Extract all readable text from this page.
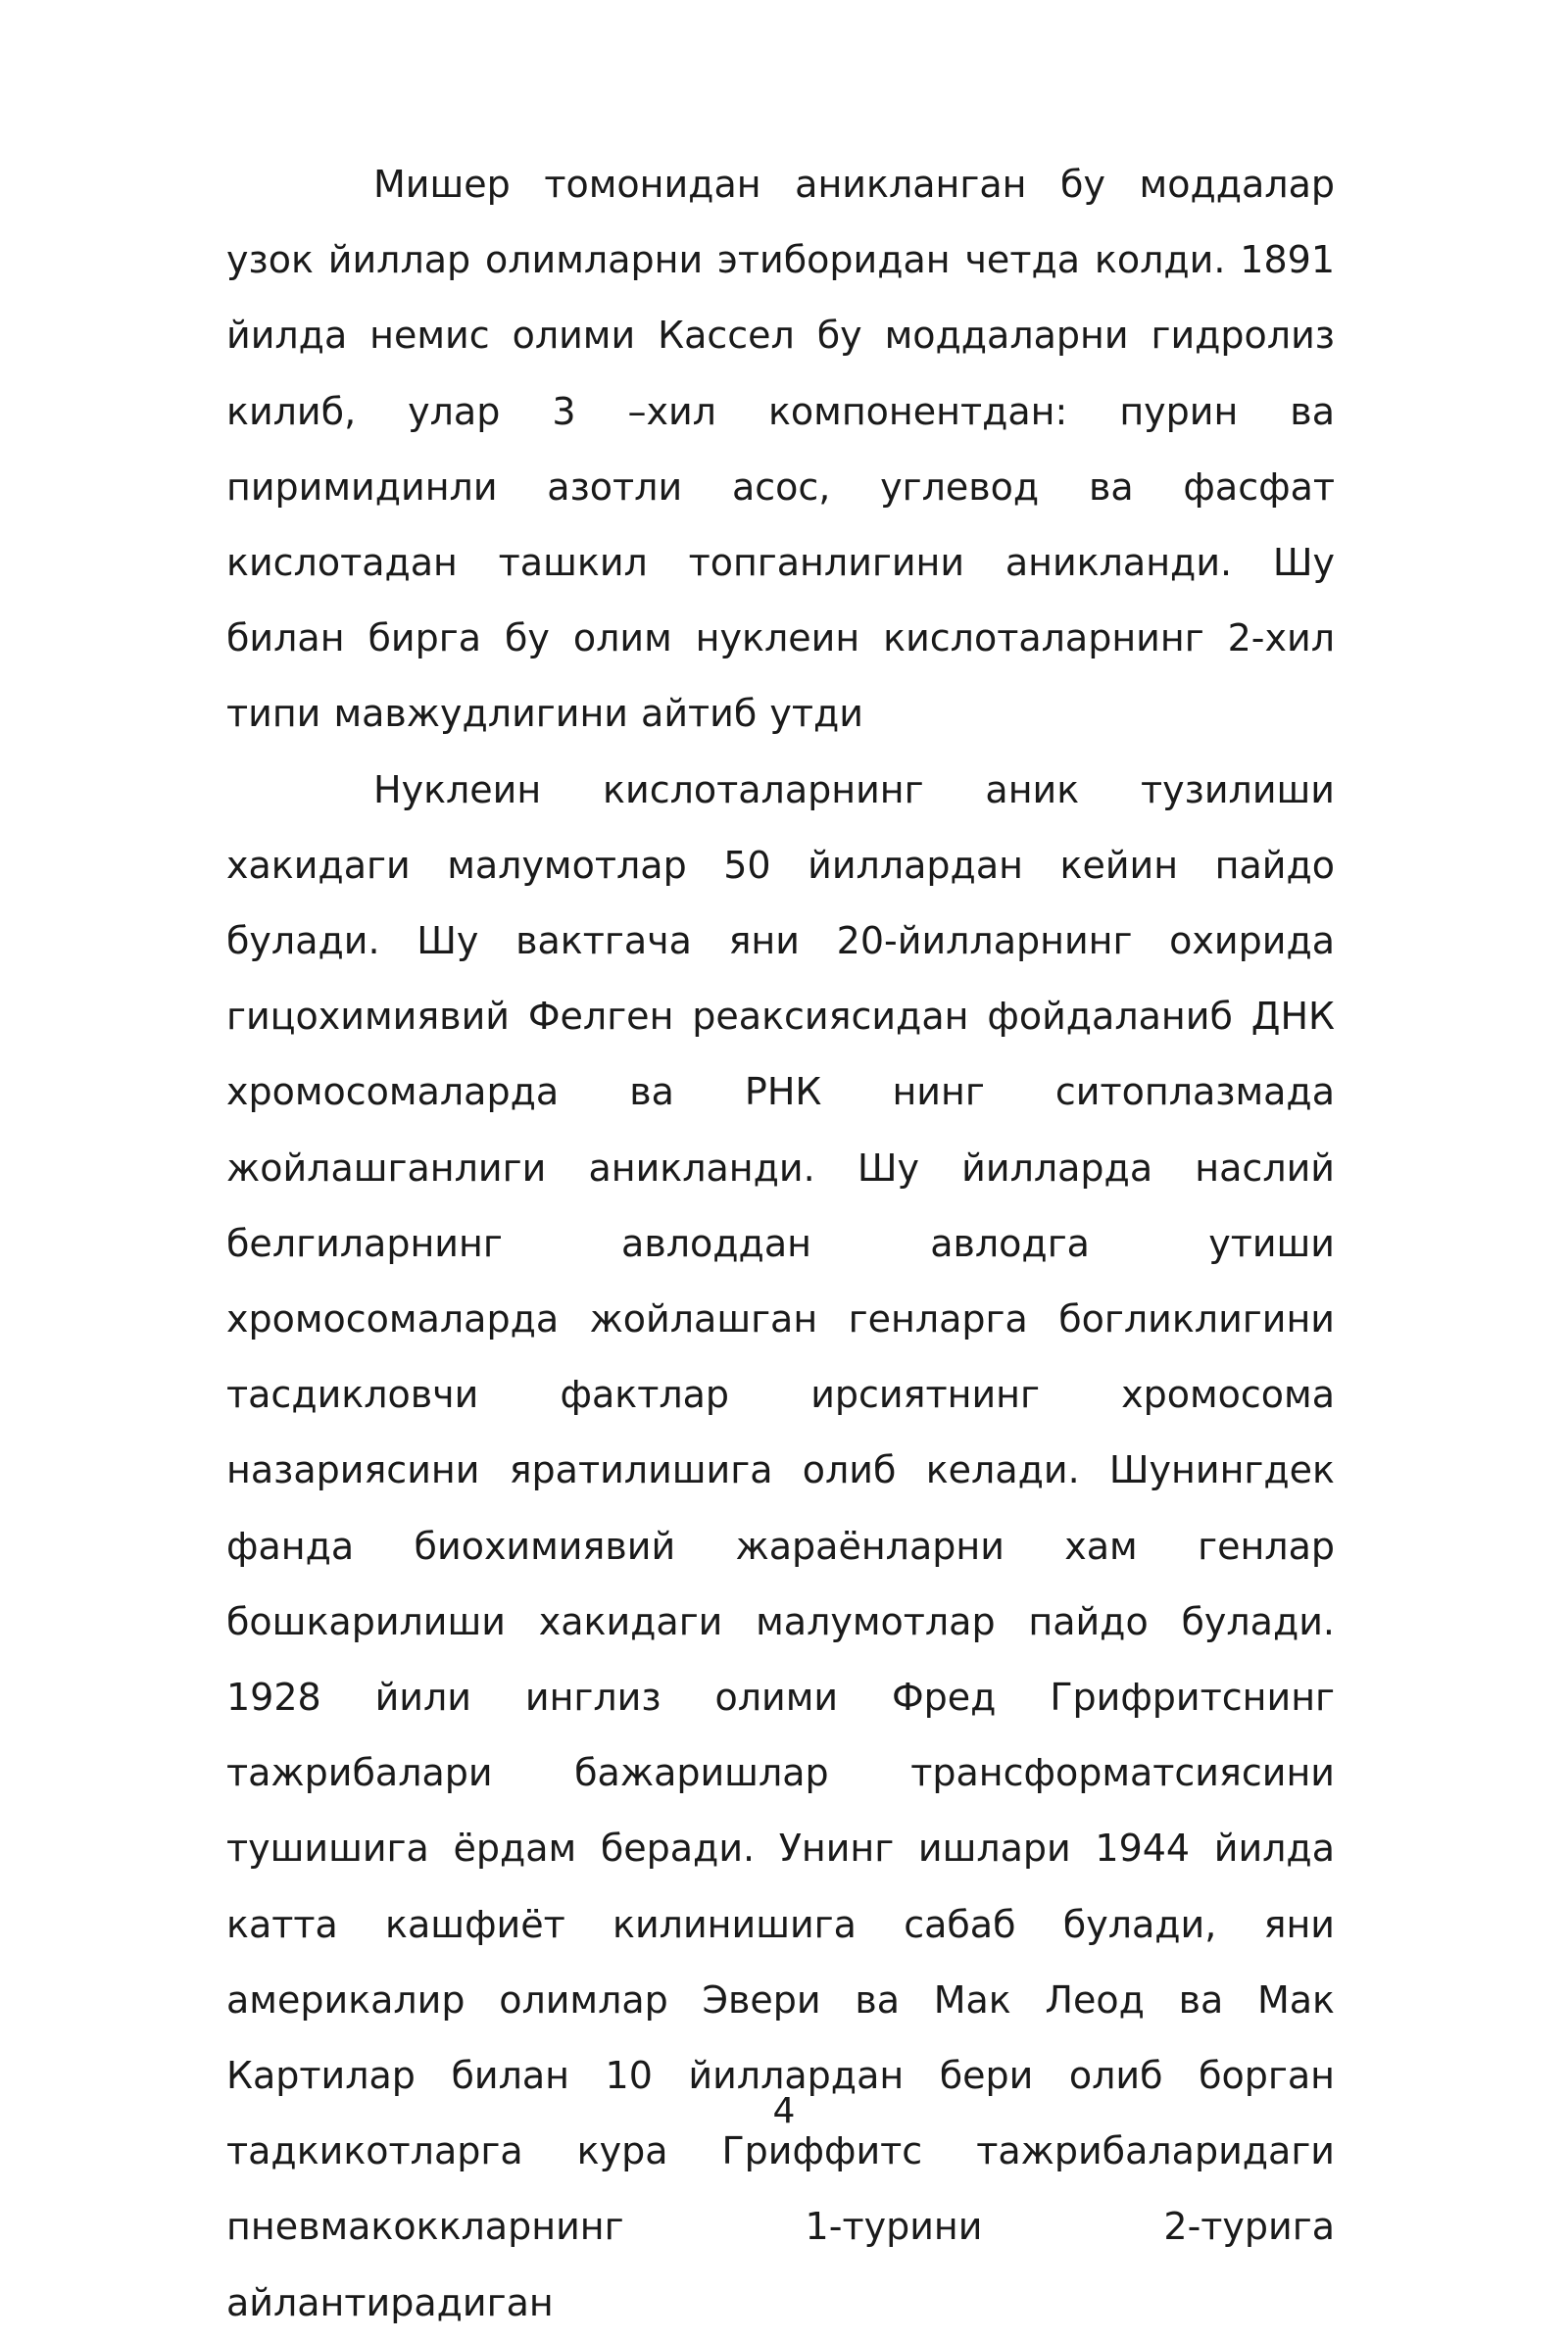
Мишер томонидан аникланган бу моддалар узок йиллар олимларни этиборидан четда колди. 1891 йилда немис олими Кассел бу моддаларни гидролиз килиб, улар 3 –хил компонентдан: пурин ва пиримидинли азотли асос, углевод ва фасфат кислотадан ташкил топганлигини аникланди. Шу билан бирга бу олим нуклеин кислоталарнинг 2-хил типи мавжудлигини айтиб утди

Нуклеин кислоталарнинг аник тузилиши хакидаги малумотлар 50 йиллардан кейин пайдо булади. Шу вактгача яни 20-йилларнинг охирида гицохимиявий Фелген реаксиясидан фойдаланиб ДНК хромосомаларда ва РНК нинг ситоплазмада жойлашганлиги аникланди. Шу йилларда наслий белгиларнинг авлоддан авлодга утиши хромосомаларда жойлашган генларга богликлигини тасдикловчи фактлар ирсиятнинг хромосома назариясини яратилишига олиб келади. Шунингдек фанда биохимиявий жараёнларни хам генлар бошкарилиши хакидаги малумотлар пайдо булади. 1928 йили инглиз олими Фред Грифритснинг тажрибалари бажаришлар трансформатсиясини тушишига ёрдам беради. Унинг ишлари 1944 йилда катта кашфиёт килинишига сабаб булади, яни америкалир олимлар Эвери ва Мак Леод ва Мак Картилар билан 10 йиллардан бери олиб борган тадкикотларга кура Гриффитс тажрибаларидаги пневмакоккларнинг 1-турини 2-турига айлантирадиган

4
